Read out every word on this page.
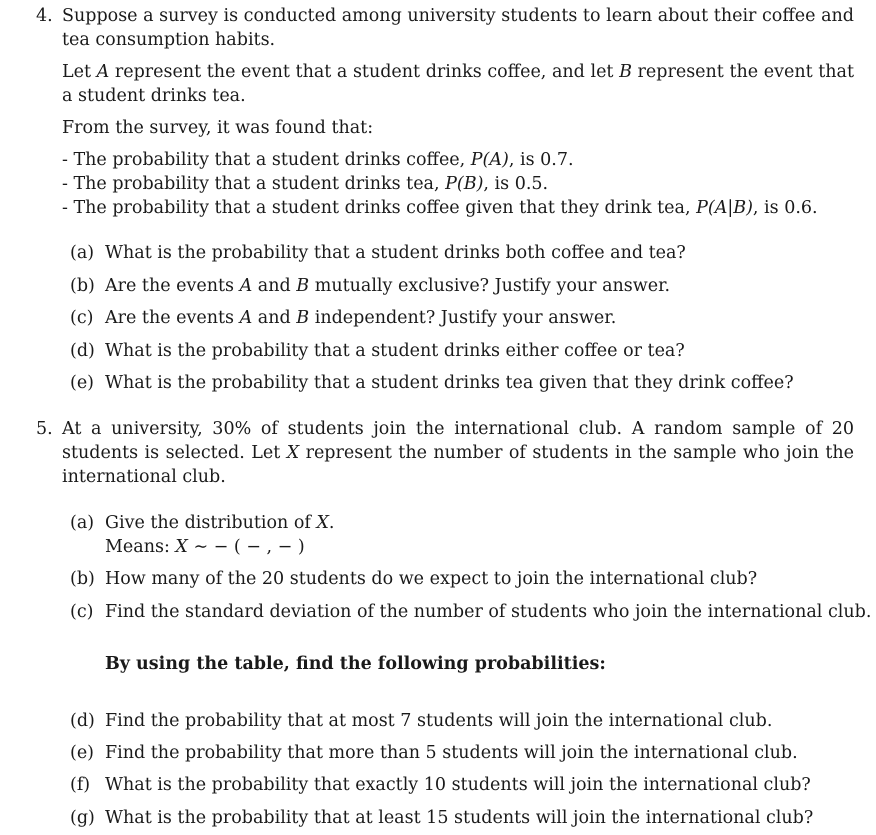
4. Suppose a survey is conducted among university students to learn about their coffee and tea consumption habits.
Let A represent the event that a student drinks coffee, and let B represent the event that a student drinks tea.
From the survey, it was found that:
- The probability that a student drinks coffee, P(A), is 0.7.
- The probability that a student drinks tea, P(B), is 0.5.
- The probability that a student drinks coffee given that they drink tea, P(A|B), is 0.6.
(a) What is the probability that a student drinks both coffee and tea?
(b) Are the events A and B mutually exclusive? Justify your answer.
(c) Are the events A and B independent? Justify your answer.
(d) What is the probability that a student drinks either coffee or tea?
(e) What is the probability that a student drinks tea given that they drink coffee?
5. At a university, 30% of students join the international club. A random sample of 20 students is selected. Let X represent the number of students in the sample who join the international club.
(a) Give the distribution of X.
Means: X ∼ − ( − , − )
(b) How many of the 20 students do we expect to join the international club?
(c) Find the standard deviation of the number of students who join the international club.
By using the table, find the following probabilities:
(d) Find the probability that at most 7 students will join the international club.
(e) Find the probability that more than 5 students will join the international club.
(f) What is the probability that exactly 10 students will join the international club?
(g) What is the probability that at least 15 students will join the international club?
